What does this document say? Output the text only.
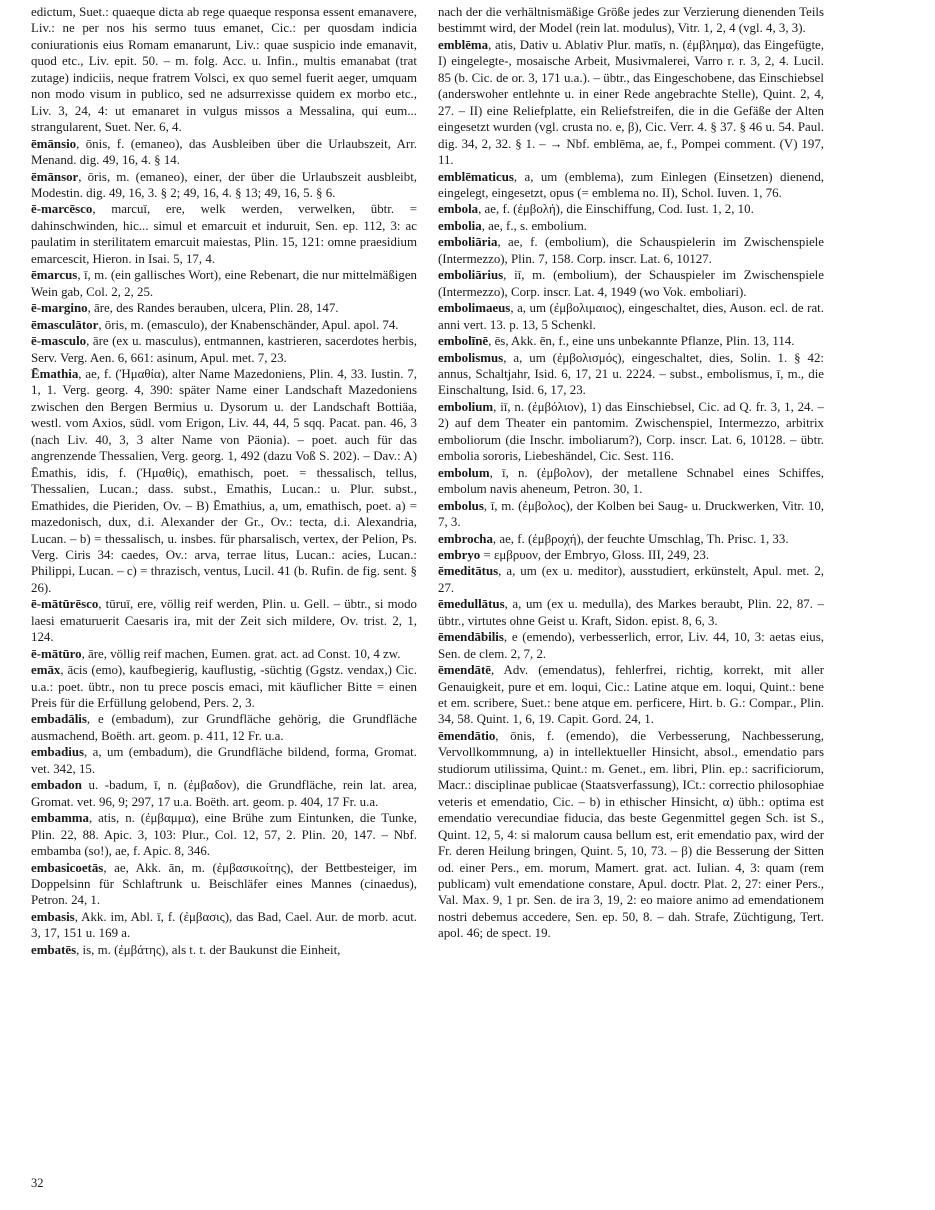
edictum, Suet.: quaeque dicta ab rege quaeque responsa essent emanavere, Liv.: ne per nos his sermo tuus emanet, Cic.: per quosdam indicia coniurationis eius Romam emanarunt, Liv.: quae suspicio inde emanavit, quod etc., Liv. epit. 50. – m. folg. Acc. u. Infin., multis emanabat (trat zutage) indiciis, neque fratrem Volsci, ex quo semel fuerit aeger, umquam non modo visum in publico, sed ne adsurrexisse quidem ex morbo etc., Liv. 3, 24, 4: ut emanaret in vulgus missos a Messalina, qui eum... strangularent, Suet. Ner. 6, 4.

ēmānsio, ōnis, f. (emaneo), das Ausbleiben über die Urlaubszeit, Arr. Menand. dig. 49, 16, 4. § 14.

ēmānsor, ōris, m. (emaneo), einer, der über die Urlaubszeit ausbleibt, Modestin. dig. 49, 16, 3. § 2; 49, 16, 4. § 13; 49, 16, 5. § 6.

ē-marcēsco, marcuī, ere, welk werden, verwelken, übtr. = dahinschwinden, hic... simul et emarcuit et induruit, Sen. ep. 112, 3: ac paulatim in sterilitatem emarcuit maiestas, Plin. 15, 121: omne praesidium emarcescit, Hieron. in Isai. 5, 17, 4.

ēmarcus, ī, m. (ein gallisches Wort), eine Rebenart, die nur mittelmäßigen Wein gab, Col. 2, 2, 25.

ē-margino, āre, des Randes berauben, ulcera, Plin. 28, 147.

ēmasculātor, ōris, m. (emasculo), der Knabenschänder, Apul. apol. 74.

ē-masculo, āre (ex u. masculus), entmannen, kastrieren, sacerdotes herbis, Serv. Verg. Aen. 6, 661: asinum, Apul. met. 7, 23.

Ēmathia, ae, f. (Ἠμαθία), alter Name Mazedoniens, Plin. 4, 33. Iustin. 7, 1, 1. Verg. georg. 4, 390: später Name einer Landschaft Mazedoniens zwischen den Bergen Bermius u. Dysorum u. der Landschaft Bottiäa, westl. vom Axios, südl. vom Erigon, Liv. 44, 44, 5 sqq. Pacat. pan. 46, 3 (nach Liv. 40, 3, 3 alter Name von Päonia). – poet. auch für das angrenzende Thessalien, Verg. georg. 1, 492 (dazu Voß S. 202). – Dav.: A) Ēmathis, idis, f. (Ἠμαθίς), emathisch, poet. = thessalisch, tellus, Thessalien, Lucan.; dass. subst., Emathis, Lucan.: u. Plur. subst., Emathides, die Pieriden, Ov. – B) Ēmathius, a, um, emathisch, poet. a) = mazedonisch, dux, d.i. Alexander der Gr., Ov.: tecta, d.i. Alexandria, Lucan. – b) = thessalisch, u. insbes. für pharsalisch, vertex, der Pelion, Ps. Verg. Ciris 34: caedes, Ov.: arva, terrae litus, Lucan.: acies, Lucan.: Philippi, Lucan. – c) = thrazisch, ventus, Lucil. 41 (b. Rufin. de fig. sent. § 26).

ē-mātūrēsco, tūruī, ere, völlig reif werden, Plin. u. Gell. – übtr., si modo laesi ematuruerit Caesaris ira, mit der Zeit sich mildere, Ov. trist. 2, 1, 124.

ē-mātūro, āre, völlig reif machen, Eumen. grat. act. ad Const. 10, 4 zw.

emāx, ācis (emo), kaufbegierig, kauflustig, -süchtig (Ggstz. vendax,) Cic. u.a.: poet. übtr., non tu prece poscis emaci, mit käuflicher Bitte = einen Preis für die Erfüllung gelobend, Pers. 2, 3.

embadālis, e (embadum), zur Grundfläche gehörig, die Grundfläche ausmachend, Boëth. art. geom. p. 411, 12 Fr. u.a.

embadius, a, um (embadum), die Grundfläche bildend, forma, Gromat. vet. 342, 15.

embadon u. -badum, ī, n. (ἐμβαδον), die Grundfläche, rein lat. area, Gromat. vet. 96, 9; 297, 17 u.a. Boëth. art. geom. p. 404, 17 Fr. u.a.

embamma, atis, n. (ἐμβαμμα), eine Brühe zum Eintunken, die Tunke, Plin. 22, 88. Apic. 3, 103: Plur., Col. 12, 57, 2. Plin. 20, 147. – Nbf. embamba (so!), ae, f. Apic. 8, 346.

embasicoetās, ae, Akk. ān, m. (ἐμβασικοίτης), der Bettbesteiger, im Doppelsinn für Schlaftrunk u. Beischläfer eines Mannes (cinaedus), Petron. 24, 1.

embasis, Akk. im, Abl. ī, f. (ἐμβασις), das Bad, Cael. Aur. de morb. acut. 3, 17, 151 u. 169 a.

embatēs, is, m. (ἐμβάτης), als t. t. der Baukunst die Einheit,

nach der die verhältnismäßige Größe jedes zur Verzierung dienenden Teils bestimmt wird, der Model (rein lat. modulus), Vitr. 1, 2, 4 (vgl. 4, 3, 3).

emblēma, atis, Dativ u. Ablativ Plur. matīs, n. (ἐμβλημα), das Eingefügte, I) eingelegte-, mosaische Arbeit, Musivmalerei, Varro r. r. 3, 2, 4. Lucil. 85 (b. Cic. de or. 3, 171 u.a.). – übtr., das Eingeschobene, das Einschiebsel (anderswoher entlehnte u. in einer Rede angebrachte Stelle), Quint. 2, 4, 27. – II) eine Reliefplatte, ein Reliefstreifen, die in die Gefäße der Alten eingesetzt wurden (vgl. crusta no. e, β), Cic. Verr. 4. § 37. § 46 u. 54. Paul. dig. 34, 2, 32. § 1. – → Nbf. emblēma, ae, f., Pompei comment. (V) 197, 11.

emblēmaticus, a, um (emblema), zum Einlegen (Einsetzen) dienend, eingelegt, eingesetzt, opus (= emblema no. II), Schol. Iuven. 1, 76.

embola, ae, f. (ἐμβολή), die Einschiffung, Cod. Iust. 1, 2, 10.

embolia, ae, f., s. embolium.

emboliāria, ae, f. (embolium), die Schauspielerin im Zwischenspiele (Intermezzo), Plin. 7, 158. Corp. inscr. Lat. 6, 10127.

emboliārius, iī, m. (embolium), der Schauspieler im Zwischenspiele (Intermezzo), Corp. inscr. Lat. 4, 1949 (wo Vok. emboliari).

embolimaeus, a, um (ἐμβολιμαιος), eingeschaltet, dies, Auson. ecl. de rat. anni vert. 13. p. 13, 5 Schenkl.

embolīnē, ēs, Akk. ēn, f., eine uns unbekannte Pflanze, Plin. 13, 114.

embolismus, a, um (ἐμβολισμός), eingeschaltet, dies, Solin. 1. § 42: annus, Schaltjahr, Isid. 6, 17, 21 u. 2224. – subst., embolismus, ī, m., die Einschaltung, Isid. 6, 17, 23.

embolium, iī, n. (ἐμβόλιον), 1) das Einschiebsel, Cic. ad Q. fr. 3, 1, 24. – 2) auf dem Theater ein pantomim. Zwischenspiel, Intermezzo, arbitrix emboliorum (die Inschr. imboliarum?), Corp. inscr. Lat. 6, 10128. – übtr. embolia sororis, Liebeshändel, Cic. Sest. 116.

embolum, ī, n. (ἐμβολον), der metallene Schnabel eines Schiffes, embolum navis aheneum, Petron. 30, 1.

embolus, ī, m. (ἐμβολος), der Kolben bei Saug- u. Druckwerken, Vitr. 10, 7, 3.

embrocha, ae, f. (ἐμβροχή), der feuchte Umschlag, Th. Prisc. 1, 33.

embryo = εμβρυον, der Embryo, Gloss. III, 249, 23.

ēmeditātus, a, um (ex u. meditor), ausstudiert, erkünstelt, Apul. met. 2, 27.

ēmedullātus, a, um (ex u. medulla), des Markes beraubt, Plin. 22, 87. – übtr., virtutes ohne Geist u. Kraft, Sidon. epist. 8, 6, 3.

ēmendābilis, e (emendo), verbesserlich, error, Liv. 44, 10, 3: aetas eius, Sen. de clem. 2, 7, 2.

ēmendātē, Adv. (emendatus), fehlerfrei, richtig, korrekt, mit aller Genauigkeit, pure et em. loqui, Cic.: Latine atque em. loqui, Quint.: bene et em. scribere, Suet.: bene atque em. perficere, Hirt. b. G.: Compar., Plin. 34, 58. Quint. 1, 6, 19. Capit. Gord. 24, 1.

ēmendātio, ōnis, f. (emendo), die Verbesserung, Nachbesserung, Vervollkommnung, a) in intellektueller Hinsicht, absol., emendatio pars studiorum utilissima, Quint.: m. Genet., em. libri, Plin. ep.: sacrificiorum, Macr.: disciplinae publicae (Staatsverfassung), ICt.: correctio philosophiae veteris et emendatio, Cic. – b) in ethischer Hinsicht, α) übh.: optima est emendatio verecundiae fiducia, das beste Gegenmittel gegen Sch. ist S., Quint. 12, 5, 4: si malorum causa bellum est, erit emendatio pax, wird der Fr. deren Heilung bringen, Quint. 5, 10, 73. – β) die Besserung der Sitten od. einer Pers., em. morum, Mamert. grat. act. Iulian. 4, 3: quam (rem publicam) vult emendatione constare, Apul. doctr. Plat. 2, 27: einer Pers., Val. Max. 9, 1 pr. Sen. de ira 3, 19, 2: eo maiore animo ad emendationem nostri debemus accedere, Sen. ep. 50, 8. – dah. Strafe, Züchtigung, Tert. apol. 46; de spect. 19.

32
